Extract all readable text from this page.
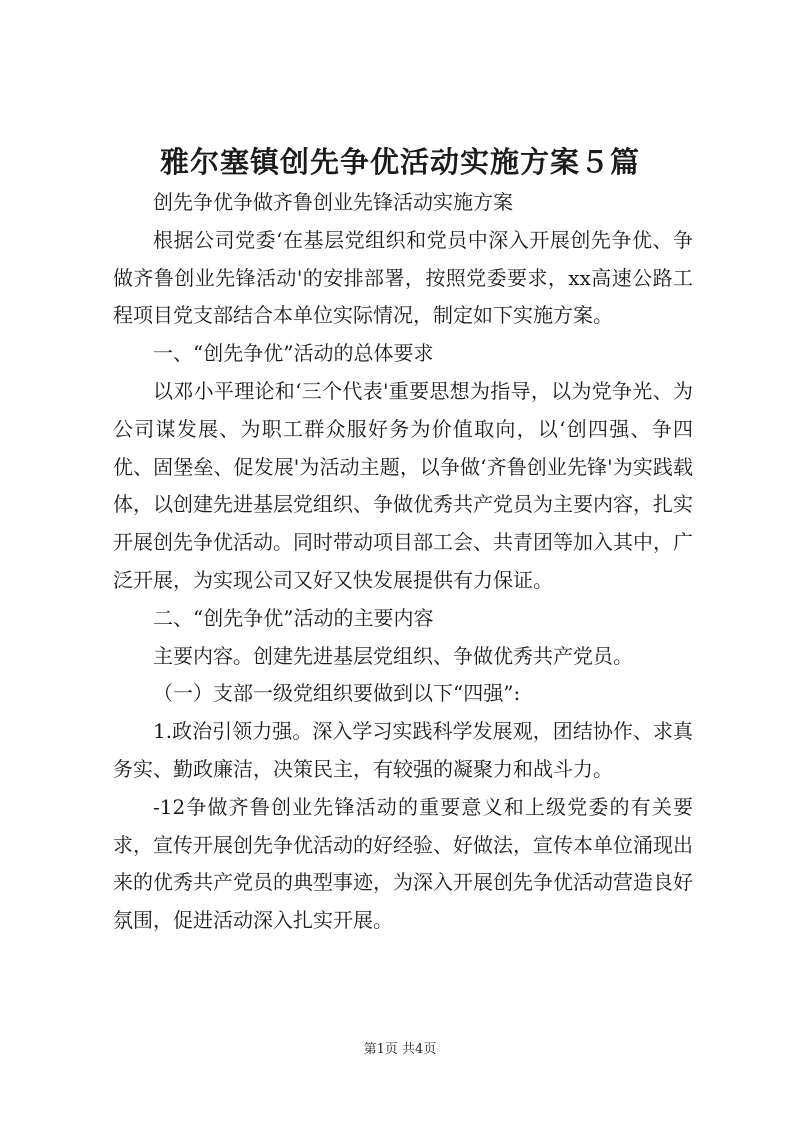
雅尔塞镇创先争优活动实施方案５篇

创先争优争做齐鲁创业先锋活动实施方案

根据公司党委‘在基层党组织和党员中深入开展创先争优、争做齐鲁创业先锋活动'的安排部署，按照党委要求，xx高速公路工程项目党支部结合本单位实际情况，制定如下实施方案。

一、“创先争优”活动的总体要求

以邓小平理论和‘三个代表'重要思想为指导，以为党争光、为公司谋发展、为职工群众服好务为价值取向，以‘创四强、争四优、固堡垒、促发展'为活动主题，以争做‘齐鲁创业先锋'为实践载体，以创建先进基层党组织、争做优秀共产党员为主要内容，扎实开展创先争优活动。同时带动项目部工会、共青团等加入其中，广泛开展，为实现公司又好又快发展提供有力保证。

二、“创先争优”活动的主要内容

主要内容。创建先进基层党组织、争做优秀共产党员。

（一）支部一级党组织要做到以下“四强”:

1.政治引领力强。深入学习实践科学发展观，团结协作、求真务实、勤政廉洁，决策民主，有较强的凝聚力和战斗力。

-12争做齐鲁创业先锋活动的重要意义和上级党委的有关要求，宣传开展创先争优活动的好经验、好做法，宣传本单位涌现出来的优秀共产党员的典型事迹，为深入开展创先争优活动营造良好氛围，促进活动深入扎实开展。

第1页 共4页
